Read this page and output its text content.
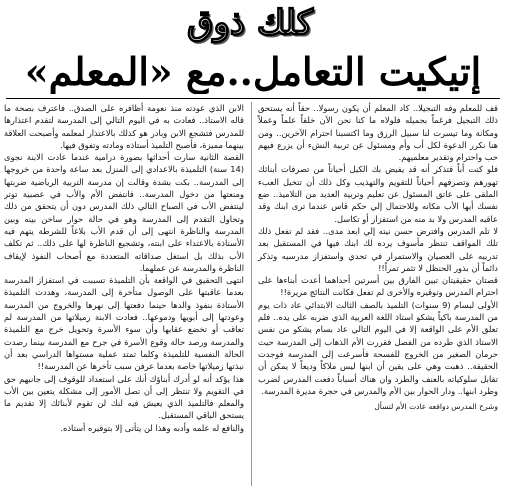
كلك ذوق
إتيكيت التعامل..مع «المعلم»

قف للمعلم وفه التبجيلا.. كاد المعلم أن يكون رسولا.. حقاً أنه يستحق ذلك التبجيل فرغماً بجميله فلولاه ما كنا نحن الآن خلقاً علماً وعملاً ومكانة وما تيسرت لنا سبيل الرزق وما اكتسبنا احترام الآخرين.. ومن هنا نكرر الدعوة لكل أب وأم ومسئول عن تربية النشء أن يزرع فيهم حب واحترام وتقدير معلميهم.

فلو كنت أباً فتذكر أنه قد يفيض بك الكيل أحياناً من تصرفات أبنائك تهورهم وتصرفهم أحياناً للتقويم والتهذيب وكل ذلك أن تتخيل العبء الملقى على عاتق المسئول عن تعليم وتربية العديد من التلاميذ.. ضع نفسك أيها الأب مكانه وللاحتمال إلي حكم قاس عندما ترى ابنك وقد عاقبه المدرس ولا بد منه من استفزاز أو تكاسل.

لا تلم المدرس وافترض حسن نيته إلي ابعد مدى.. فقد لم تفعل ذلك تلك المواقف تنتظر مأسوف يرده لك ابنك فيها في المستقبل بعد تدريبه على العصيان والاستمرار في تحدي واستفزاز مدرسيه وتذكر دائماً أن بذور الحنظل لا تثمر تمراً!!

قصتان حقيقيتان تبين الفارق بين أسرتين أحداهما أعدت أبناءها على احترام المدرس وتوقيره والأخرى لم تفعل فكانت النتائج مريرة!!

الأولى لبسام (9 سنوات) التلميذ بالصف الثالث الابتدائي عاد ذات يوم من المدرسة باكياً يشكو استاذ اللغة العربية الذي ضربه على يده.. فلم تعلق الأم على الواقعة إلا في اليوم التالي عاد بسام يشكو من نفس الاستاذ الذي طرده من الفصل فقررت الأم الذهاب إلى المدرسة حيث حرمان الصغير من الخروج للفسحة فأسرعت إلى المدرسة فوجدت الحقيقة.. ذهبت وهي على يقين أن ابنها ليس ملاكاً وديعاً لا يمكن أن تقابل سلوكياته بالعنف والطرد وان هناك أسباباً دفعت المدرس لضرب وطرد ابنها.. ودار الحوار بين الأم والمدرس في حجرة مديرة المدرسة.

وشرح المدرس دوافعه عادت الأم لتسأل

الابن الذي عودته منذ نعومة أظافره على الصدق.. فاعترف بصحة ما قاله الاستاذ.. فعادت به في اليوم التالي إلى المدرسة لتقدم اعتذارها للمدرس فتشجع الابن وبادر هو كذلك بالاعتذار لمعلمه وأصبحت العلاقة بينهما مميزة، فأصبح التلميذ أستاذه ومادته وتفوق فيها.

القصة الثانية سارت أحداثها بصورة درامية عندما عادت الابنة نجوى (14 سنة) التلميذة بالاعدادي إلى المنزل بعد ساعة واحدة من خروجها إلى المدرسة.. بكت بشدة وقالت إن مدرسة التربية الرياضية ضربتها ومنعتها من دخول المدرسة.. فانتفض الأم والأب في عصبية توتر لينتفض الأب في الصباح التالي ذلك المدرس دون أن يتحقق من ذلك وتحاول التقدم إلى المدرسة وهو في حالة حوار ساخن بينه وبين المدرسة والناظرة انتهى إلى أن قدم الأب بلاغاً للشرطة يتهم فيه الأستاذة بالاعتداء على ابنته، وتشجيع الناظرة لها على ذلك.. ثم تكلف الأب بذلك بل استغل صداقاته المتعددة مع أصحاب النفوذ لإيقاف الناظرة والمدرسة عن عملهما.

انتهى التحقيق في الواقعة بأن التلميذة تسببت في استفزاز المدرسة بعدما عاقبتها على الوصول متأخرة إلى المدرسة، وهددت التلميذة الأستاذة بنفوذ والدها حينما دفعتها إلى نهرها والخروج من المدرسة وعودتها إلى أبويها ودموعها.. فعادت الابنة زميلاتها من المدرسة لم تعاقب أو تخضع عقابها وأن سوء الأسرة وتحويل خرج مع التلميذة والمدرسة ورصد حالة وقوع الأسرة في جرح مع المدرسة بينما رصدت الحالة النفسية للتلميذة وكلما تمتد عملية مستواها الدراسي بعد أن نبذتها زميلاتها خاصة بعدما عرفن سبب تأخرها عن المدرسة!!

هذا يؤكد أنه لو أدرك أبناؤك أنك على استعداد للوقوف إلى جانبهم حق في التقويم ولا تنتظر إلى أن تصل الأمور إلى مشكلة يتعين بين الأب والمعلم فالتلميذ الذي يعيش فيه لنك لن تقوم لأبنائك إلا تقديم ما يستحق الباقي المستقبل.

والنافع له علمه وأدبه وهذا لن يتأتى إلا بتوقيره أستاذه.
